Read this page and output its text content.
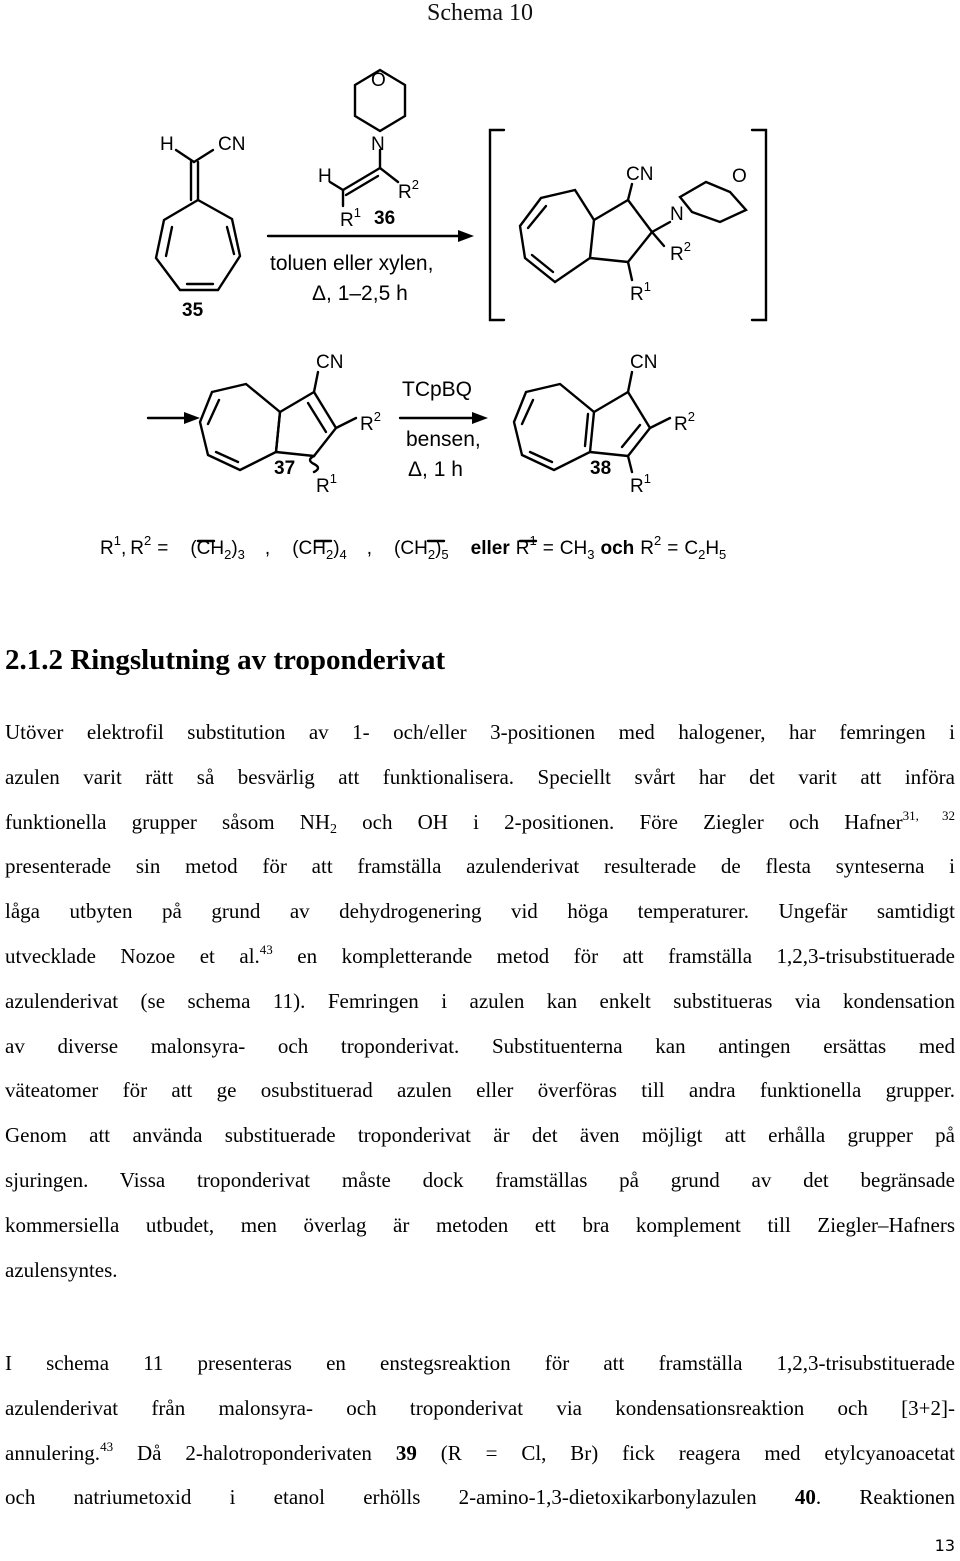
Schema 10
H CN
35
O
N
H
$R^2$
$R^1$ 36
toluen eller xylen,
Δ, 1–2,5 h
CN
N
O
$R^2$
$R^1$
CN
$R^2$
$R^1$
37
TCpBQ
bensen,
Δ, 1 h
CN
$R^2$
$R^1$
38
$R^1$, $R^2 = (CH_2)_3$ , $(CH_2)_4$ , $(CH_2)_5$ eller $R^1 = CH_3$ och $R^2 = C_2H_5$
2.1.2 Ringslutning av troponderivat
Utöver elektrofil substitution av 1- och/eller 3-positionen med halogener, har femringen i
azulen varit rätt så besvärlig att funktionalisera. Speciellt svårt har det varit att införa
funktionella grupper såsom $NH_2$ och OH i 2-positionen. Före Ziegler och Hafner$^{31, 32}$
presenterade sin metod för att framställa azulenderivat resulterade de flesta synteserna i
låga utbyten på grund av dehydrogenering vid höga temperaturer. Ungefär samtidigt
utvecklade Nozoe et al.$^{43}$ en kompletterande metod för att framställa 1,2,3-trisubstituerade
azulenderivat (se schema 11). Femringen i azulen kan enkelt substitueras via kondensation
av diverse malonsyra- och troponderivat. Substituenterna kan antingen ersättas med
väteatomer för att ge osubstituerad azulen eller överföras till andra funktionella grupper.
Genom att använda substituerade troponderivat är det även möjligt att erhålla grupper på
sjuringen. Vissa troponderivat måste dock framställas på grund av det begränsade
kommersiella utbudet, men överlag är metoden ett bra komplement till Ziegler–Hafners
azulensyntes.
I schema 11 presenteras en enstegsreaktion för att framställa 1,2,3-trisubstituerade
azulenderivat från malonsyra- och troponderivat via kondensationsreaktion och [3+2]-
annulering.$^{43}$ Då 2-halotroponderivaten 39 (R = Cl, Br) fick reagera med etylcyanoacetat
och natriumetoxid i etanol erhölls 2-amino-1,3-dietoxikarbonylazulen 40. Reaktionen
13
